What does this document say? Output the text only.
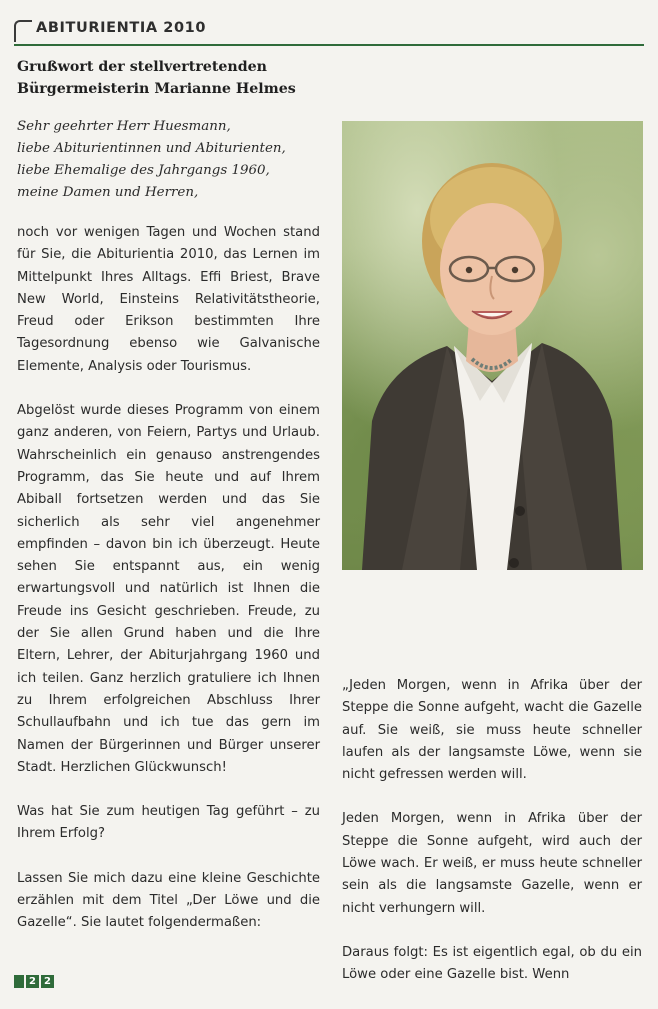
ABITURIENTIA 2010
Grußwort der stellvertretenden Bürgermeisterin Marianne Helmes
Sehr geehrter Herr Huesmann,
liebe Abiturientinnen und Abiturienten,
liebe Ehemalige des Jahrgangs 1960,
meine Damen und Herren,

noch vor wenigen Tagen und Wochen stand für Sie, die Abiturientia 2010, das Lernen im Mittelpunkt Ihres Alltags. Effi Briest, Brave New World, Einsteins Relativitätstheorie, Freud oder Erikson bestimmten Ihre Tagesordnung ebenso wie Galvanische Elemente, Analysis oder Tourismus.

Abgelöst wurde dieses Programm von einem ganz anderen, von Feiern, Partys und Urlaub. Wahrscheinlich ein genauso anstrengendes Programm, das Sie heute und auf Ihrem Abiball fortsetzen werden und das Sie sicherlich als sehr viel angenehmer empfinden – davon bin ich überzeugt. Heute sehen Sie entspannt aus, ein wenig erwartungsvoll und natürlich ist Ihnen die Freude ins Gesicht geschrieben. Freude, zu der Sie allen Grund haben und die Ihre Eltern, Lehrer, der Abiturjahrgang 1960 und ich teilen. Ganz herzlich gratuliere ich Ihnen zu Ihrem erfolgreichen Abschluss Ihrer Schullaufbahn und ich tue das gern im Namen der Bürgerinnen und Bürger unserer Stadt. Herzlichen Glückwunsch!

Was hat Sie zum heutigen Tag geführt – zu Ihrem Erfolg?

Lassen Sie mich dazu eine kleine Geschichte erzählen mit dem Titel „Der Löwe und die Gazelle“. Sie lautet folgendermaßen:

„Jeden Morgen, wenn in Afrika über der Steppe die Sonne aufgeht, wacht die Gazelle auf. Sie weiß, sie muss heute schneller laufen als der langsamste Löwe, wenn sie nicht gefressen werden will.

Jeden Morgen, wenn in Afrika über der Steppe die Sonne aufgeht, wird auch der Löwe wach. Er weiß, er muss heute schneller sein als die langsamste Gazelle, wenn er nicht verhungern will.

Daraus folgt: Es ist eigentlich egal, ob du ein Löwe oder eine Gazelle bist. Wenn

2 2
